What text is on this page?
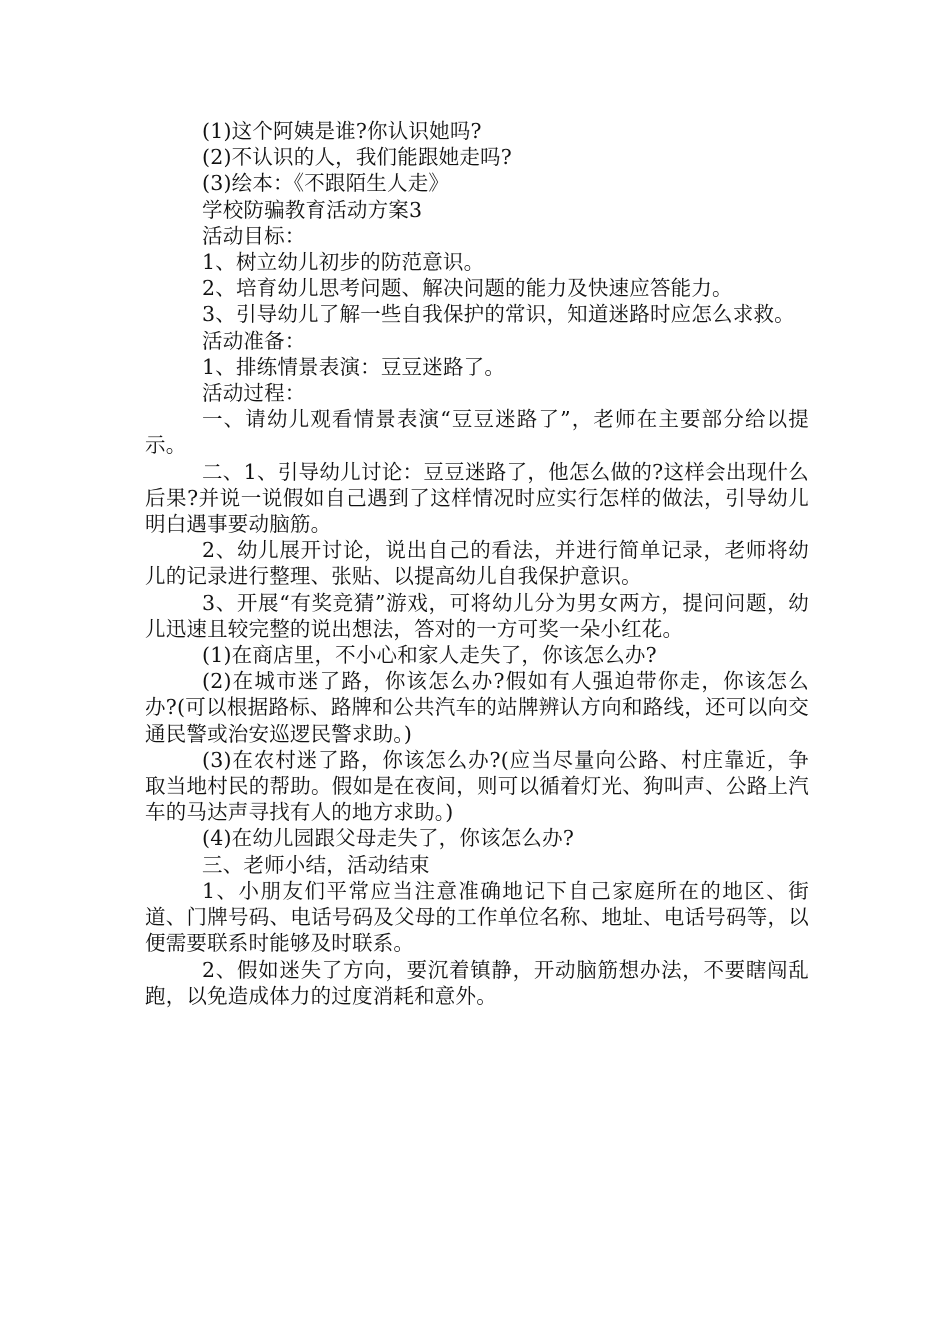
(1)这个阿姨是谁?你认识她吗?

(2)不认识的人，我们能跟她走吗?

(3)绘本：《不跟陌生人走》

学校防骗教育活动方案3

活动目标：

1、树立幼儿初步的防范意识。

2、培育幼儿思考问题、解决问题的能力及快速应答能力。

3、引导幼儿了解一些自我保护的常识，知道迷路时应怎么求救。

活动准备：

1、排练情景表演：豆豆迷路了。

活动过程：

一、请幼儿观看情景表演“豆豆迷路了”，老师在主要部分给以提示。

二、1、引导幼儿讨论：豆豆迷路了，他怎么做的?这样会出现什么后果?并说一说假如自己遇到了这样情况时应实行怎样的做法，引导幼儿明白遇事要动脑筋。

2、幼儿展开讨论，说出自己的看法，并进行简单记录，老师将幼儿的记录进行整理、张贴、以提高幼儿自我保护意识。

3、开展“有奖竞猜”游戏，可将幼儿分为男女两方，提问问题，幼儿迅速且较完整的说出想法，答对的一方可奖一朵小红花。

(1)在商店里，不小心和家人走失了，你该怎么办?

(2)在城市迷了路，你该怎么办?假如有人强迫带你走，你该怎么办?(可以根据路标、路牌和公共汽车的站牌辨认方向和路线，还可以向交通民警或治安巡逻民警求助。)

(3)在农村迷了路，你该怎么办?(应当尽量向公路、村庄靠近，争取当地村民的帮助。假如是在夜间，则可以循着灯光、狗叫声、公路上汽车的马达声寻找有人的地方求助。)

(4)在幼儿园跟父母走失了，你该怎么办?

三、老师小结，活动结束

1、小朋友们平常应当注意准确地记下自己家庭所在的地区、街道、门牌号码、电话号码及父母的工作单位名称、地址、电话号码等，以便需要联系时能够及时联系。

2、假如迷失了方向，要沉着镇静，开动脑筋想办法，不要瞎闯乱跑，以免造成体力的过度消耗和意外。
